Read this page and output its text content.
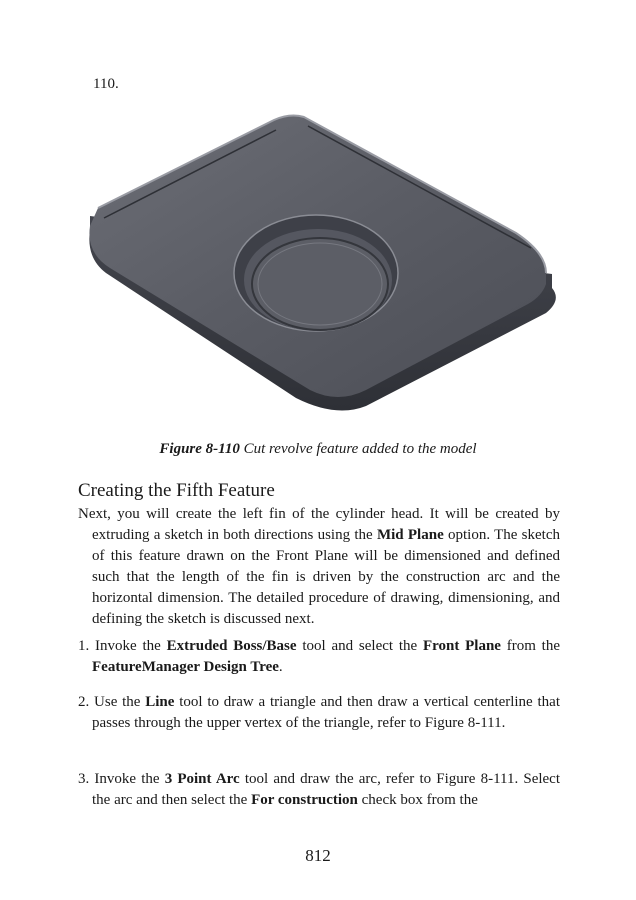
110.
Figure 8-110 Cut revolve feature added to the model
Creating the Fifth Feature
Next, you will create the left fin of the cylinder head. It will be created by extruding a sketch in both directions using the Mid Plane option. The sketch of this feature drawn on the Front Plane will be dimensioned and defined such that the length of the fin is driven by the construction arc and the horizontal dimension. The detailed procedure of drawing, dimensioning, and defining the sketch is discussed next.
1. Invoke the Extruded Boss/Base tool and select the Front Plane from the FeatureManager Design Tree.
2. Use the Line tool to draw a triangle and then draw a vertical centerline that passes through the upper vertex of the triangle, refer to Figure 8-111.
3. Invoke the 3 Point Arc tool and draw the arc, refer to Figure 8-111. Select the arc and then select the For construction check box from the
812
